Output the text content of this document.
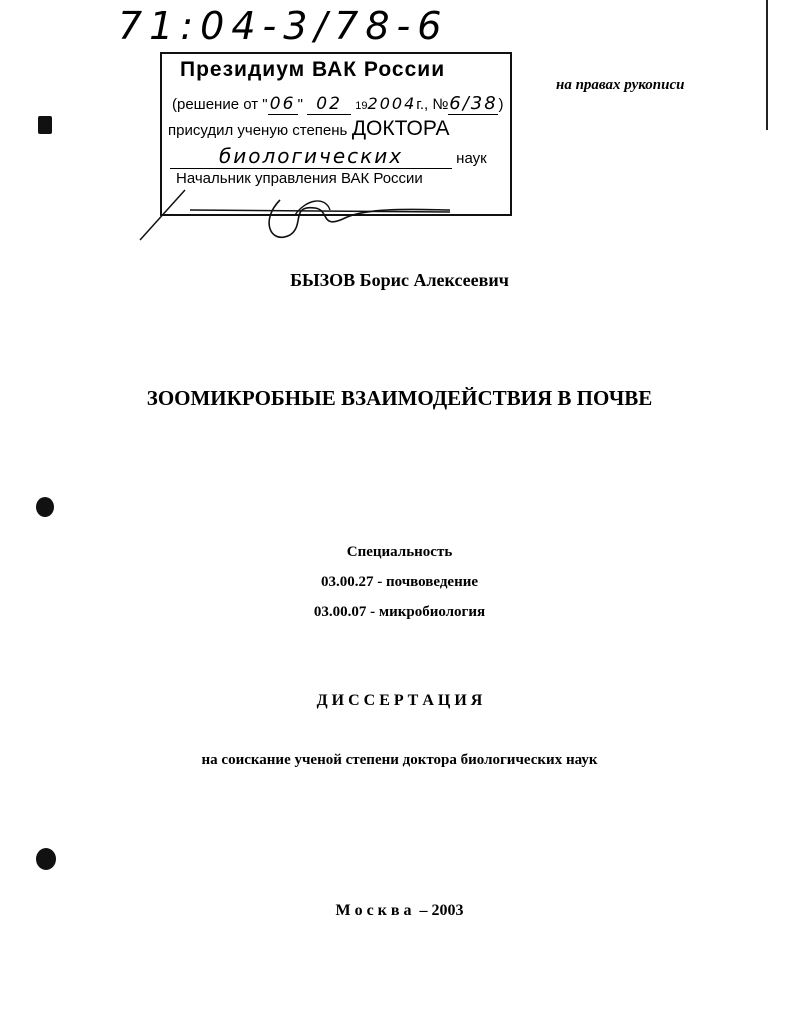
71:04-3/78-6
на правах рукописи
Президиум ВАК России
(решение от " 06 " 02 192004г., №6/38)
присудил ученую степень ДОКТОРА
биологических	наук
Начальник управления ВАК России
БЫЗОВ Борис Алексеевич
ЗООМИКРОБНЫЕ ВЗАИМОДЕЙСТВИЯ В ПОЧВЕ
Специальность
03.00.27 - почвоведение
03.00.07 - микробиология
Д И С С Е Р Т А Ц И Я
на соискание ученой степени доктора биологических наук
М о с к в а  – 2003
